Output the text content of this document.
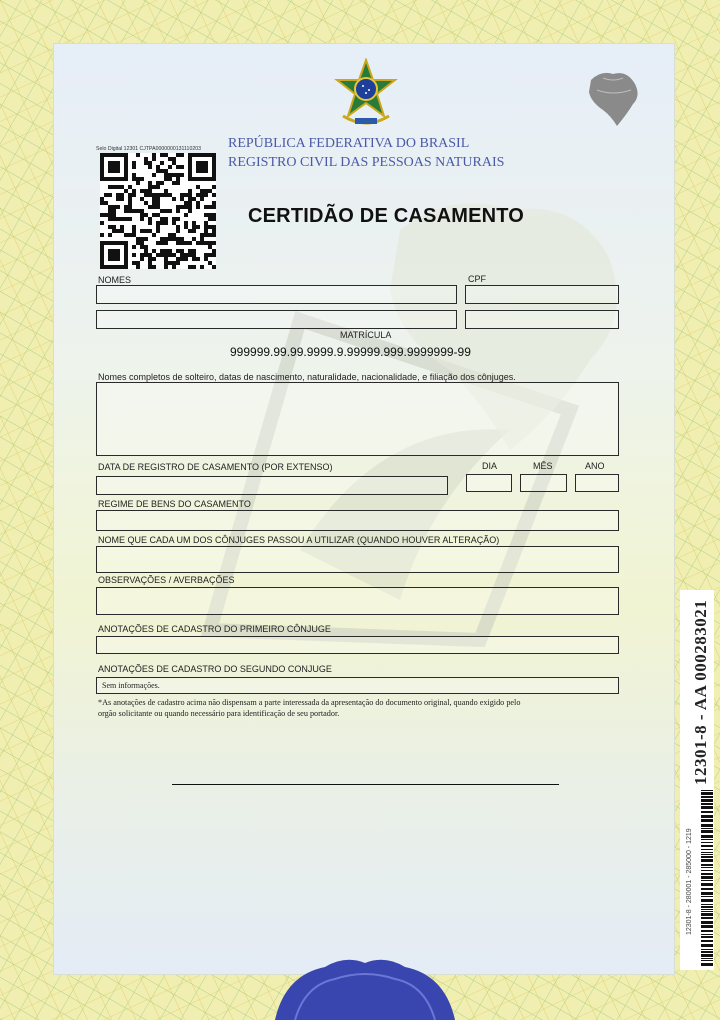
REPÚBLICA FEDERATIVA DO BRASIL
REGISTRO CIVIL DAS PESSOAS NATURAIS
Selo Digital 12301 CJTPA0000000131110203
CERTIDÃO DE CASAMENTO
NOMES	CPF
MATRÍCULA
999999.99.99.9999.9.99999.999.9999999-99
Nomes completos de solteiro, datas de nascimento, naturalidade, nacionalidade, e filiação dos cônjuges.
DATA DE REGISTRO DE CASAMENTO (POR EXTENSO)	DIA	MÊS	ANO
REGIME DE BENS DO CASAMENTO
NOME QUE CADA UM DOS CÔNJUGES PASSOU A UTILIZAR (QUANDO HOUVER ALTERAÇÃO)
OBSERVAÇÕES / AVERBAÇÕES
ANOTAÇÕES DE CADASTRO DO PRIMEIRO CÔNJUGE
ANOTAÇÕES DE CADASTRO DO SEGUNDO CONJUGE
Sem informações.
*As anotações de cadastro acima não dispensam a parte interessada da apresentação do documento original, quando exigido pelo
orgão solicitante ou quando necessário para identificação de seu portador.	12301-8 - AA 000283021
12301-8 - 280001 - 285000 - 1219
